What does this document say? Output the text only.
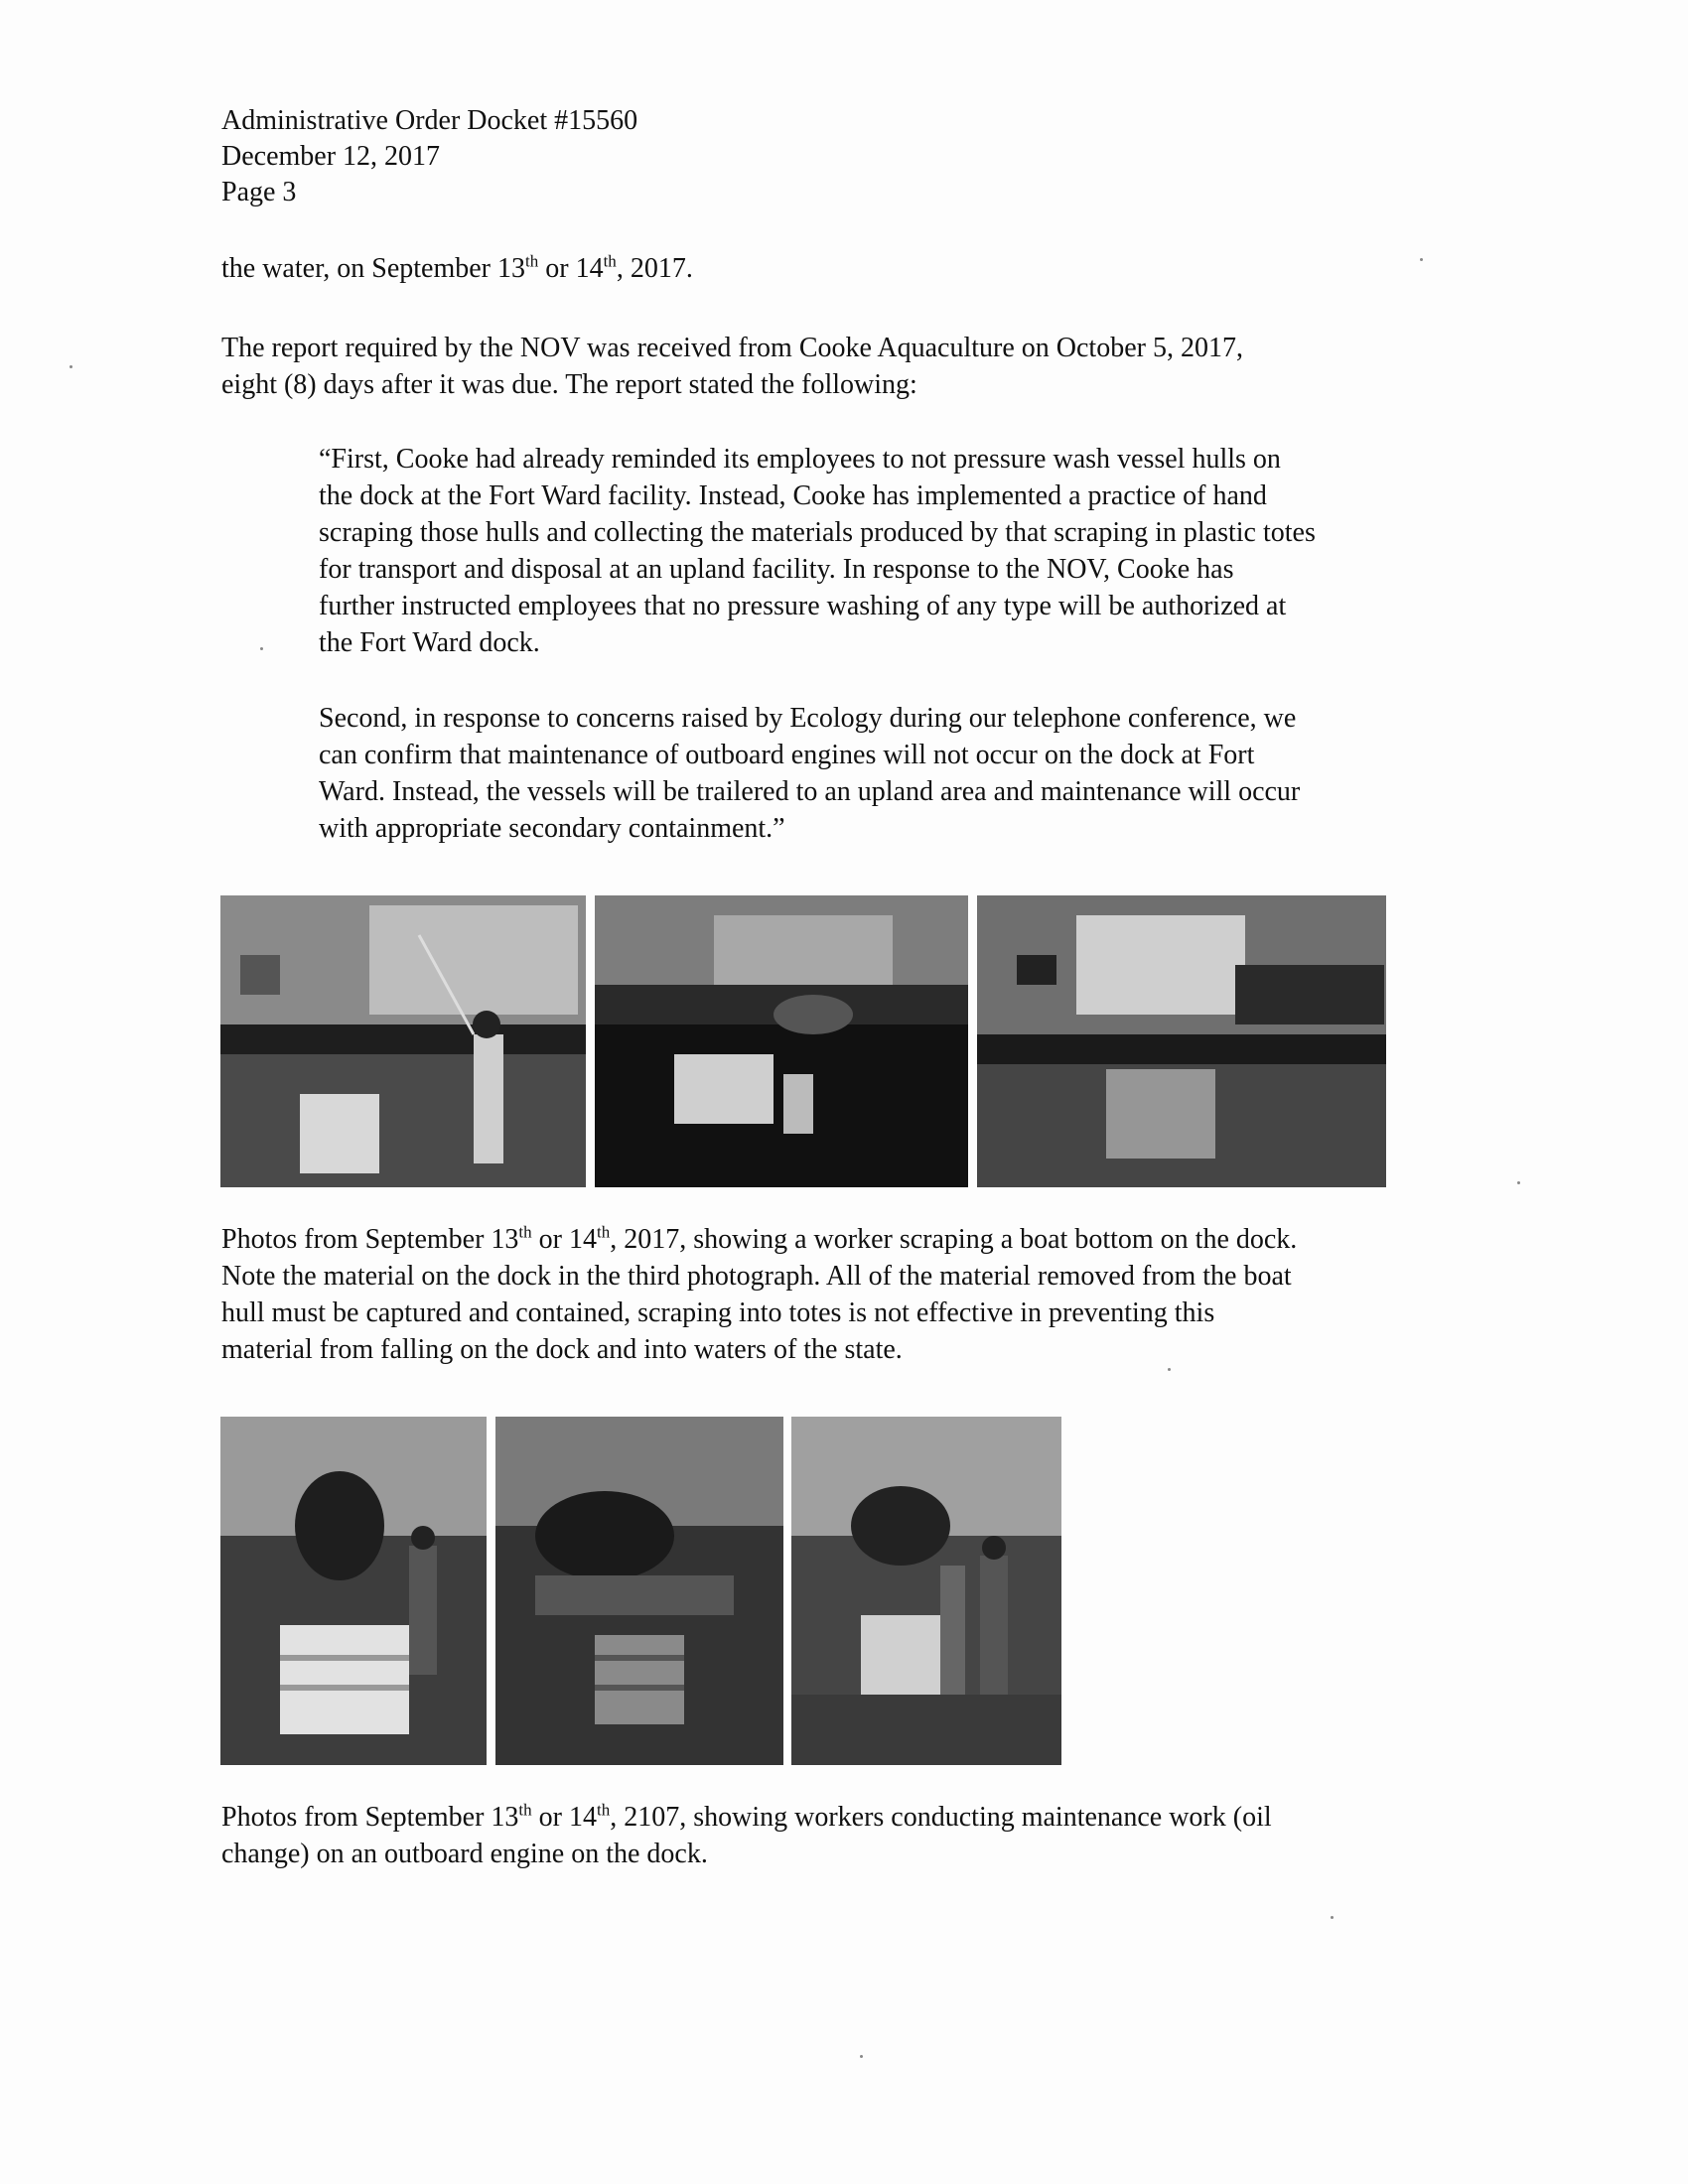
Administrative Order Docket #15560
December 12, 2017
Page 3
the water, on September 13th or 14th, 2017.
The report required by the NOV was received from Cooke Aquaculture on October 5, 2017,
eight (8) days after it was due. The report stated the following:
“First, Cooke had already reminded its employees to not pressure wash vessel hulls on
the dock at the Fort Ward facility. Instead, Cooke has implemented a practice of hand
scraping those hulls and collecting the materials produced by that scraping in plastic totes
for transport and disposal at an upland facility. In response to the NOV, Cooke has
further instructed employees that no pressure washing of any type will be authorized at
the Fort Ward dock.
Second, in response to concerns raised by Ecology during our telephone conference, we
can confirm that maintenance of outboard engines will not occur on the dock at Fort
Ward. Instead, the vessels will be trailered to an upland area and maintenance will occur
with appropriate secondary containment.”
Photos from September 13th or 14th, 2017, showing a worker scraping a boat bottom on the dock.
Note the material on the dock in the third photograph. All of the material removed from the boat
hull must be captured and contained, scraping into totes is not effective in preventing this
material from falling on the dock and into waters of the state.
Photos from September 13th or 14th, 2107, showing workers conducting maintenance work (oil
change) on an outboard engine on the dock.
